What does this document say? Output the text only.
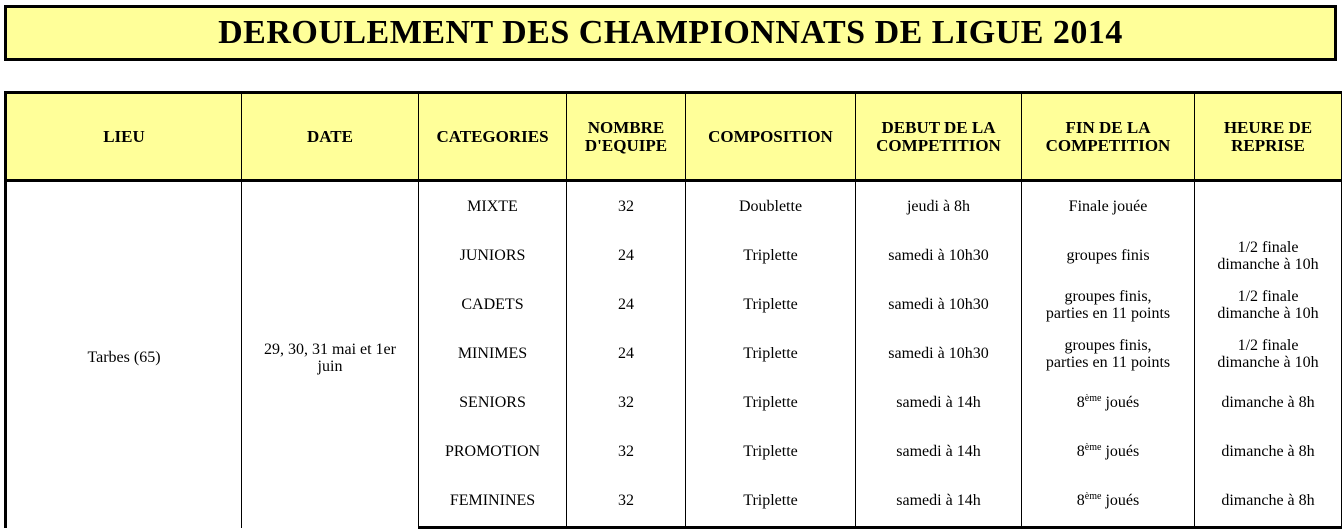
DEROULEMENT DES CHAMPIONNATS DE LIGUE 2014
LIEU	DATE	CATEGORIES	NOMBRE
D'EQUIPE	COMPOSITION	DEBUT DE LA
COMPETITION	FIN DE LA
COMPETITION	HEURE DE
REPRISE
Tarbes (65)	29, 30, 31 mai et 1er
juin	MIXTE	32	Doublette	jeudi à 8h	Finale jouée	
		JUNIORS	24	Triplette	samedi à 10h30	groupes finis	1/2 finale
dimanche à 10h
		CADETS	24	Triplette	samedi à 10h30	groupes finis,
parties en 11 points	1/2 finale
dimanche à 10h
		MINIMES	24	Triplette	samedi à 10h30	groupes finis,
parties en 11 points	1/2 finale
dimanche à 10h
		SENIORS	32	Triplette	samedi à 14h	8ème joués	dimanche à 8h
		PROMOTION	32	Triplette	samedi à 14h	8ème joués	dimanche à 8h
		FEMININES	32	Triplette	samedi à 14h	8ème joués	dimanche à 8h
